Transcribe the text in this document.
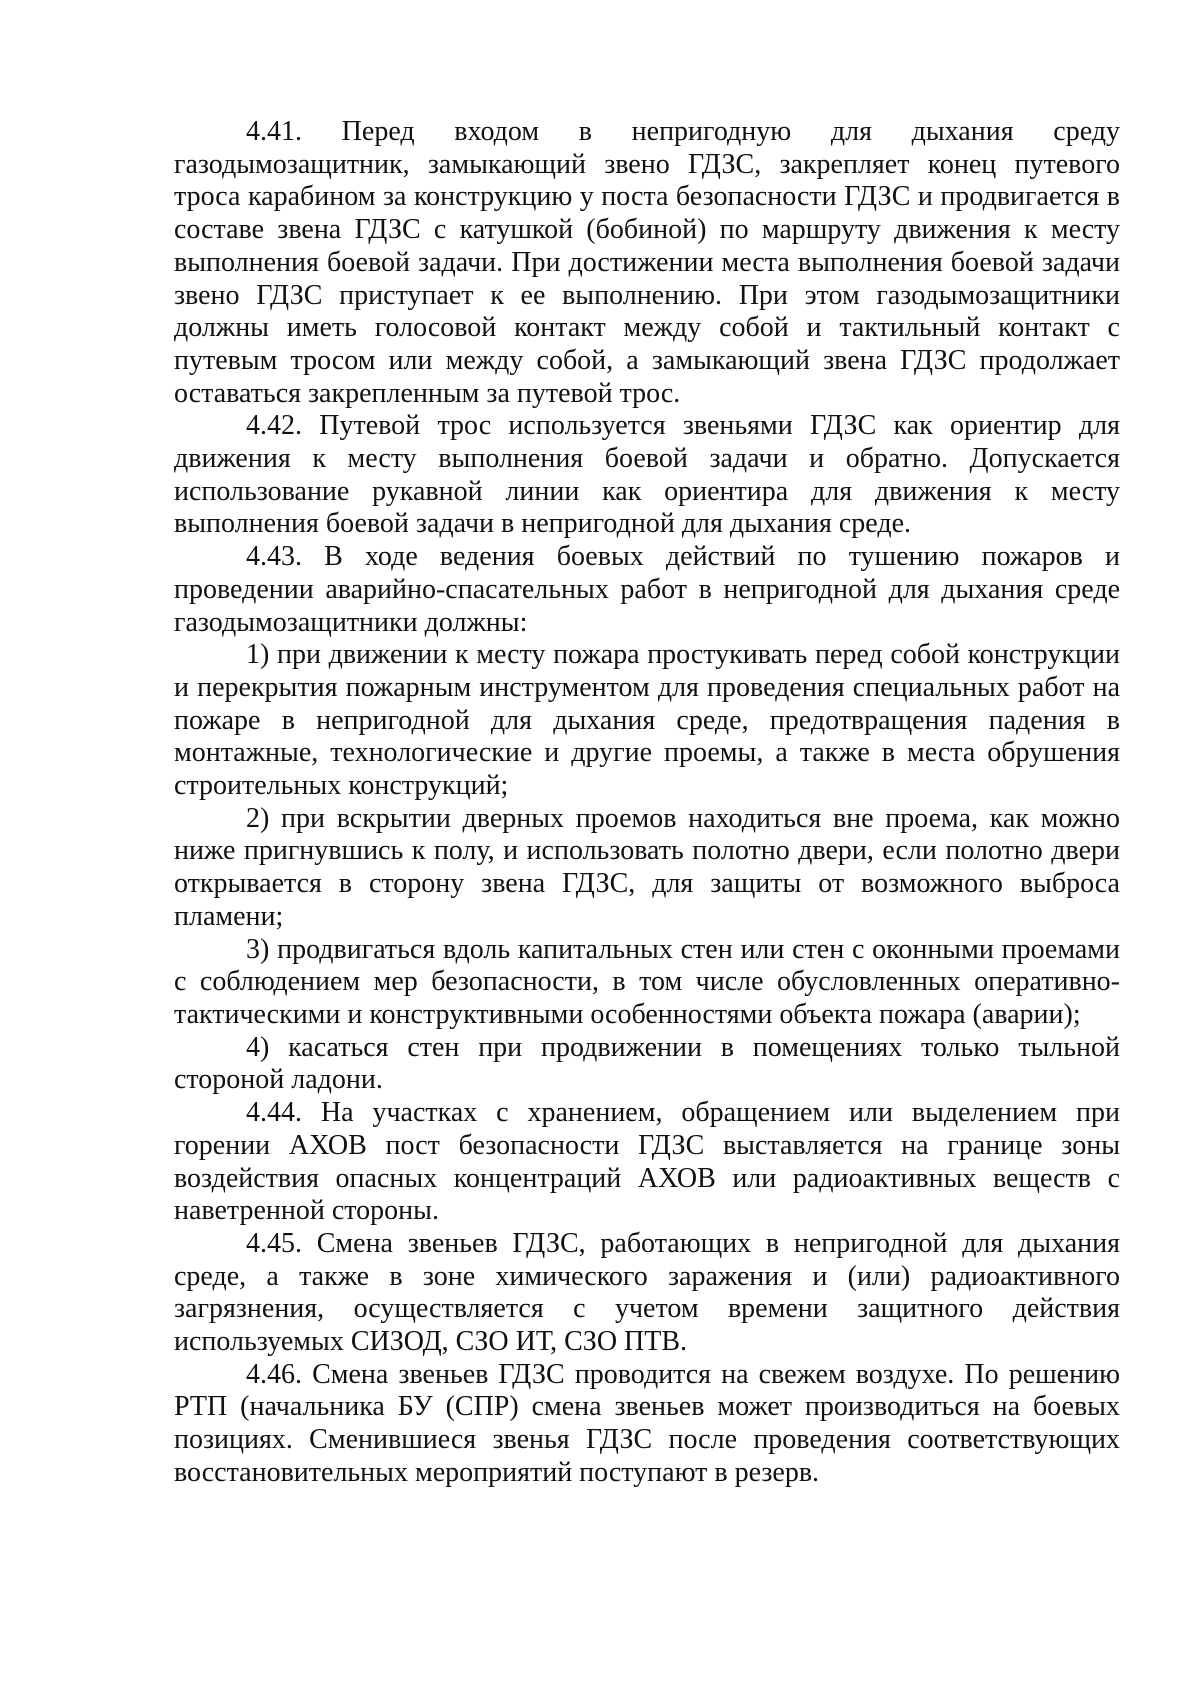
4.41. Перед входом в непригодную для дыхания среду газодымозащитник, замыкающий звено ГДЗС, закрепляет конец путевого троса карабином за конструкцию у поста безопасности ГДЗС и продвигается в составе звена ГДЗС с катушкой (бобиной) по маршруту движения к месту выполнения боевой задачи. При достижении места выполнения боевой задачи звено ГДЗС приступает к ее выполнению. При этом газодымозащитники должны иметь голосовой контакт между собой и тактильный контакт с путевым тросом или между собой, а замыкающий звена ГДЗС продолжает оставаться закрепленным за путевой трос.

4.42. Путевой трос используется звеньями ГДЗС как ориентир для движения к месту выполнения боевой задачи и обратно. Допускается использование рукавной линии как ориентира для движения к месту выполнения боевой задачи в непригодной для дыхания среде.

4.43. В ходе ведения боевых действий по тушению пожаров и проведении аварийно-спасательных работ в непригодной для дыхания среде газодымозащитники должны:

1) при движении к месту пожара простукивать перед собой конструкции и перекрытия пожарным инструментом для проведения специальных работ на пожаре в непригодной для дыхания среде, предотвращения падения в монтажные, технологические и другие проемы, а также в места обрушения строительных конструкций;

2) при вскрытии дверных проемов находиться вне проема, как можно ниже пригнувшись к полу, и использовать полотно двери, если полотно двери открывается в сторону звена ГДЗС, для защиты от возможного выброса пламени;

3) продвигаться вдоль капитальных стен или стен с оконными проемами с соблюдением мер безопасности, в том числе обусловленных оперативно-тактическими и конструктивными особенностями объекта пожара (аварии);

4) касаться стен при продвижении в помещениях только тыльной стороной ладони.

4.44. На участках с хранением, обращением или выделением при горении АХОВ пост безопасности ГДЗС выставляется на границе зоны воздействия опасных концентраций АХОВ или радиоактивных веществ с наветренной стороны.

4.45. Смена звеньев ГДЗС, работающих в непригодной для дыхания среде, а также в зоне химического заражения и (или) радиоактивного загрязнения, осуществляется с учетом времени защитного действия используемых СИЗОД, СЗО ИТ, СЗО ПТВ.

4.46. Смена звеньев ГДЗС проводится на свежем воздухе. По решению РТП (начальника БУ (СПР) смена звеньев может производиться на боевых позициях. Сменившиеся звенья ГДЗС после проведения соответствующих восстановительных мероприятий поступают в резерв.
